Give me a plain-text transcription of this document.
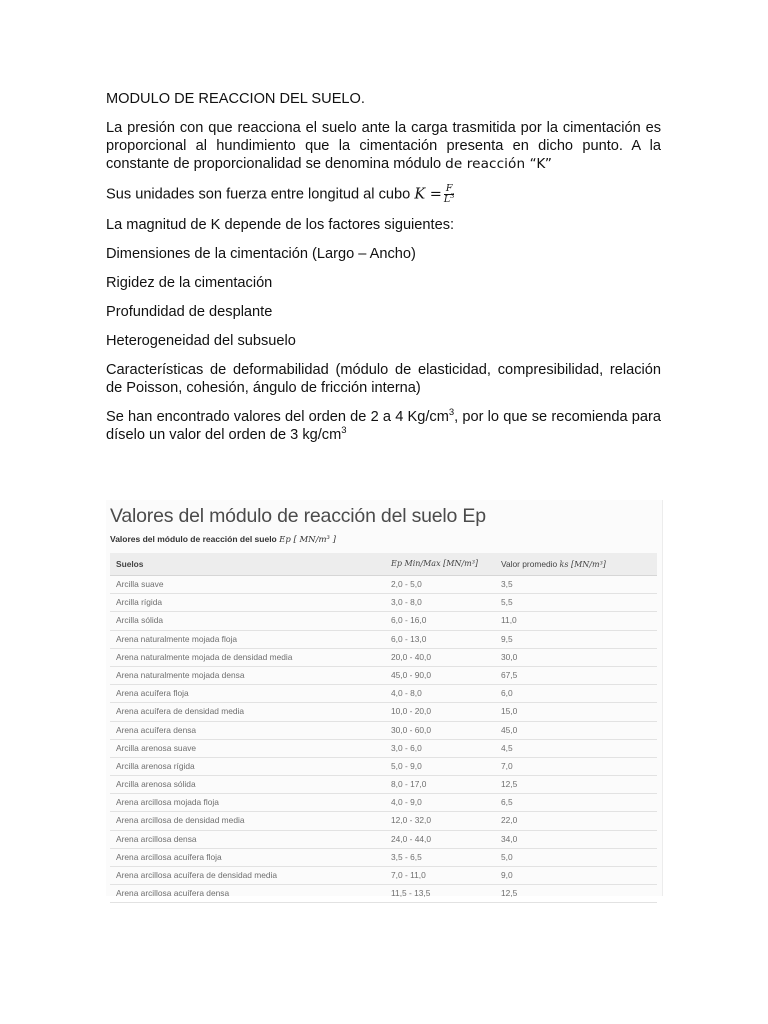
MODULO DE REACCION DEL SUELO.

La presión con que reacciona el suelo ante la carga trasmitida por la cimentación es proporcional al hundimiento que la cimentación presenta en dicho punto. A la constante de proporcionalidad se denomina módulo de reacción “K”

Sus unidades son fuerza entre longitud al cubo $K = \frac{F}{L^3}$

La magnitud de K depende de los factores siguientes:

Dimensiones de la cimentación (Largo – Ancho)

Rigidez de la cimentación

Profundidad de desplante

Heterogeneidad del subsuelo

Características de deformabilidad (módulo de elasticidad, compresibilidad, relación de Poisson, cohesión, ángulo de fricción interna)

Se han encontrado valores del orden de 2 a 4 $Kg/cm^3$, por lo que se recomienda para díselo un valor del orden de 3 $kg/cm^3$

Valores del módulo de reacción del suelo Ep
Valores del módulo de reacción del suelo Ep [ MN/m³ ]
Suelos	Ep Min/Max [MN/m³]	Valor promedio ks [MN/m³]
Arcilla suave	2,0 - 5,0	3,5
Arcilla rígida	3,0 - 8,0	5,5
Arcilla sólida	6,0 - 16,0	11,0
Arena naturalmente mojada floja	6,0 - 13,0	9,5
Arena naturalmente mojada de densidad media	20,0 - 40,0	30,0
Arena naturalmente mojada densa	45,0 - 90,0	67,5
Arena acuífera floja	4,0 - 8,0	6,0
Arena acuífera de densidad media	10,0 - 20,0	15,0
Arena acuífera densa	30,0 - 60,0	45,0
Arcilla arenosa suave	3,0 - 6,0	4,5
Arcilla arenosa rígida	5,0 - 9,0	7,0
Arcilla arenosa sólida	8,0 - 17,0	12,5
Arena arcillosa mojada floja	4,0 - 9,0	6,5
Arena arcillosa de densidad media	12,0 - 32,0	22,0
Arena arcillosa densa	24,0 - 44,0	34,0
Arena arcillosa acuífera floja	3,5 - 6,5	5,0
Arena arcillosa acuífera de densidad media	7,0 - 11,0	9,0
Arena arcillosa acuífera densa	11,5 - 13,5	12,5
